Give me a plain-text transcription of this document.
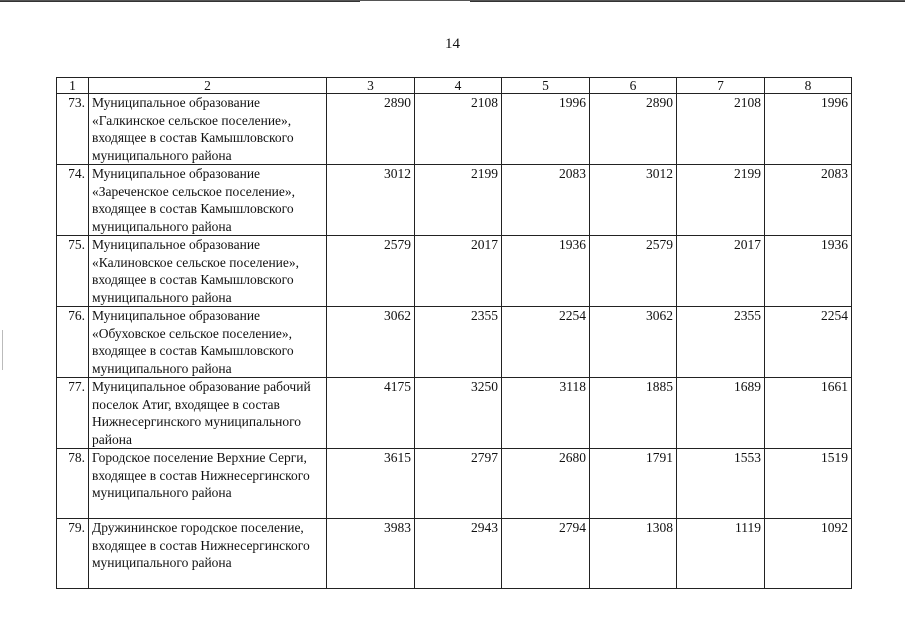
14
1	2	3	4	5	6	7	8
73.	Муниципальное образование «Галкинское сельское поселение», входящее в состав Камышловского муниципального района	2890	2108	1996	2890	2108	1996
74.	Муниципальное образование «Зареченское сельское поселение», входящее в состав Камышловского муниципального района	3012	2199	2083	3012	2199	2083
75.	Муниципальное образование «Калиновское сельское поселение», входящее в состав Камышловского муниципального района	2579	2017	1936	2579	2017	1936
76.	Муниципальное образование «Обуховское сельское поселение», входящее в состав Камышловского муниципального района	3062	2355	2254	3062	2355	2254
77.	Муниципальное образование рабочий поселок Атиг, входящее в состав Нижнесергинского муниципального района	4175	3250	3118	1885	1689	1661
78.	Городское поселение Верхние Серги, входящее в состав Нижнесергинского муниципального района	3615	2797	2680	1791	1553	1519
79.	Дружининское городское поселение, входящее в состав Нижнесергинского муниципального района	3983	2943	2794	1308	1119	1092
